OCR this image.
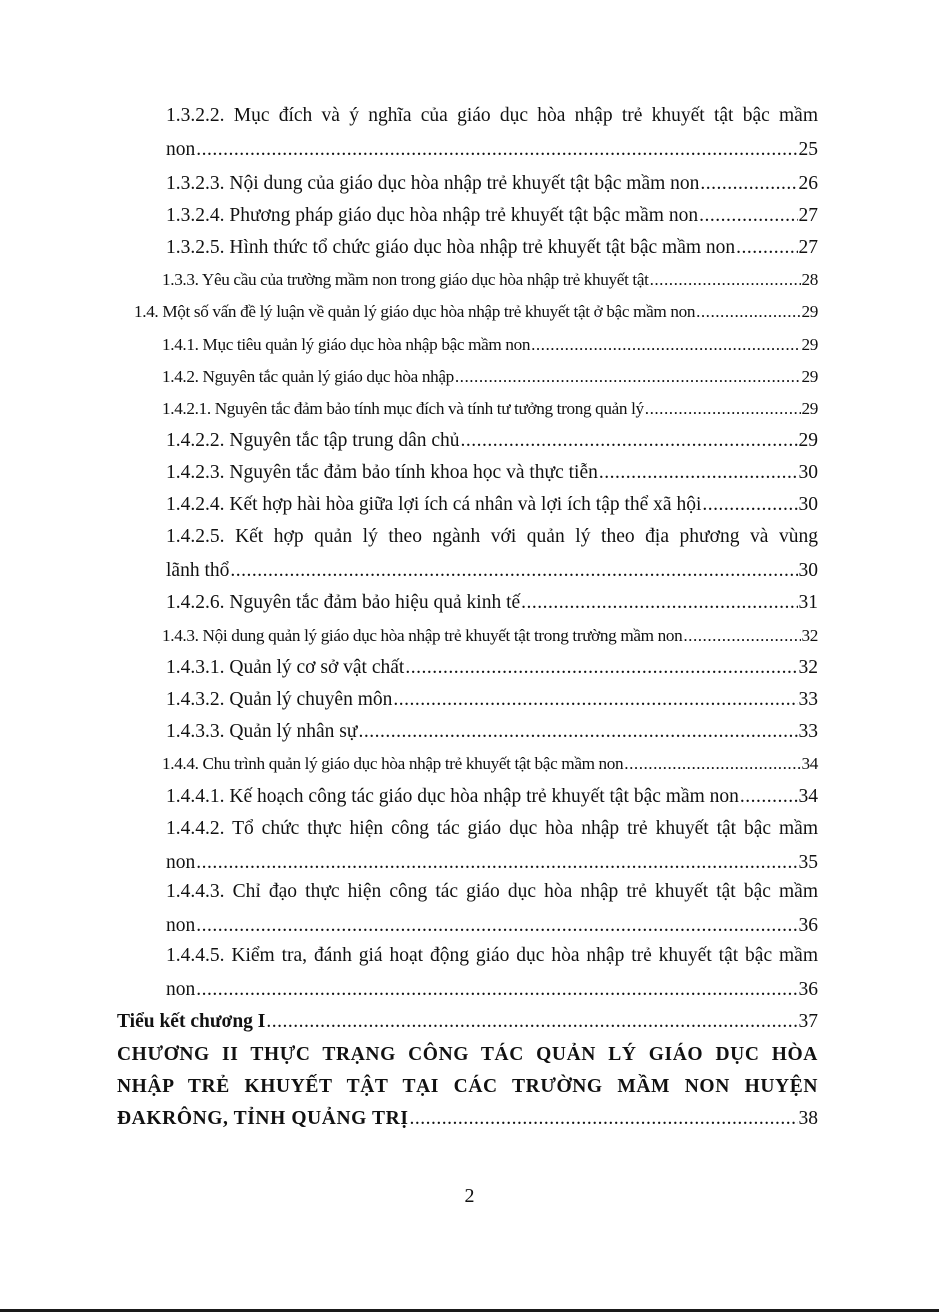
1.3.2.2. Mục đích và ý nghĩa của giáo dục hòa nhập trẻ khuyết tật bậc mầm
non .....	25
1.3.2.3. Nội dung của giáo dục hòa nhập trẻ khuyết tật bậc mầm non .....	26
1.3.2.4. Phương pháp giáo dục hòa nhập trẻ khuyết tật bậc mầm non .....	27
1.3.2.5. Hình thức tổ chức giáo dục hòa nhập trẻ khuyết tật bậc mầm non .....	27
1.3.3. Yêu cầu của trường mầm non trong giáo dục hòa nhập trẻ khuyết tật .....	28
1.4. Một số vấn đề lý luận về quản lý giáo dục hòa nhập trẻ khuyết tật ở bậc mầm non .....	29
1.4.1. Mục tiêu quản lý giáo dục hòa nhập bậc mầm non .....	29
1.4.2. Nguyên tắc quản lý giáo dục hòa nhập .....	29
1.4.2.1. Nguyên tắc đảm bảo tính mục đích và tính tư tưởng trong quản lý .....	29
1.4.2.2. Nguyên tắc tập trung dân chủ .....	29
1.4.2.3. Nguyên tắc đảm bảo tính khoa học và thực tiễn .....	30
1.4.2.4. Kết hợp hài hòa giữa lợi ích cá nhân và lợi ích tập thể xã hội .....	30
1.4.2.5. Kết hợp quản lý theo ngành với quản lý theo địa phương và vùng
lãnh thổ .....	30
1.4.2.6. Nguyên tắc đảm bảo hiệu quả kinh tế .....	31
1.4.3. Nội dung quản lý giáo dục hòa nhập trẻ khuyết tật trong trường mầm non .....	32
1.4.3.1. Quản lý cơ sở vật chất .....	32
1.4.3.2. Quản lý chuyên môn .....	33
1.4.3.3. Quản lý nhân sự .....	33
1.4.4. Chu trình quản lý giáo dục hòa nhập trẻ khuyết tật bậc mầm non .....	34
1.4.4.1. Kế hoạch công tác giáo dục hòa nhập trẻ khuyết tật bậc mầm non .....	34
1.4.4.2. Tổ chức thực hiện công tác giáo dục hòa nhập trẻ khuyết tật bậc mầm
non .....	35
1.4.4.3. Chỉ đạo thực hiện công tác giáo dục hòa nhập trẻ khuyết tật bậc mầm
non .....	36
1.4.4.5. Kiểm tra, đánh giá hoạt động giáo dục hòa nhập trẻ khuyết tật bậc mầm
non .....	36
Tiểu kết chương I .....	37
CHƯƠNG II THỰC TRẠNG CÔNG TÁC QUẢN LÝ GIÁO DỤC HÒA
NHẬP TRẺ KHUYẾT TẬT TẠI CÁC TRƯỜNG MẦM NON HUYỆN
ĐAKRÔNG, TỈNH QUẢNG TRỊ .....	38
2
